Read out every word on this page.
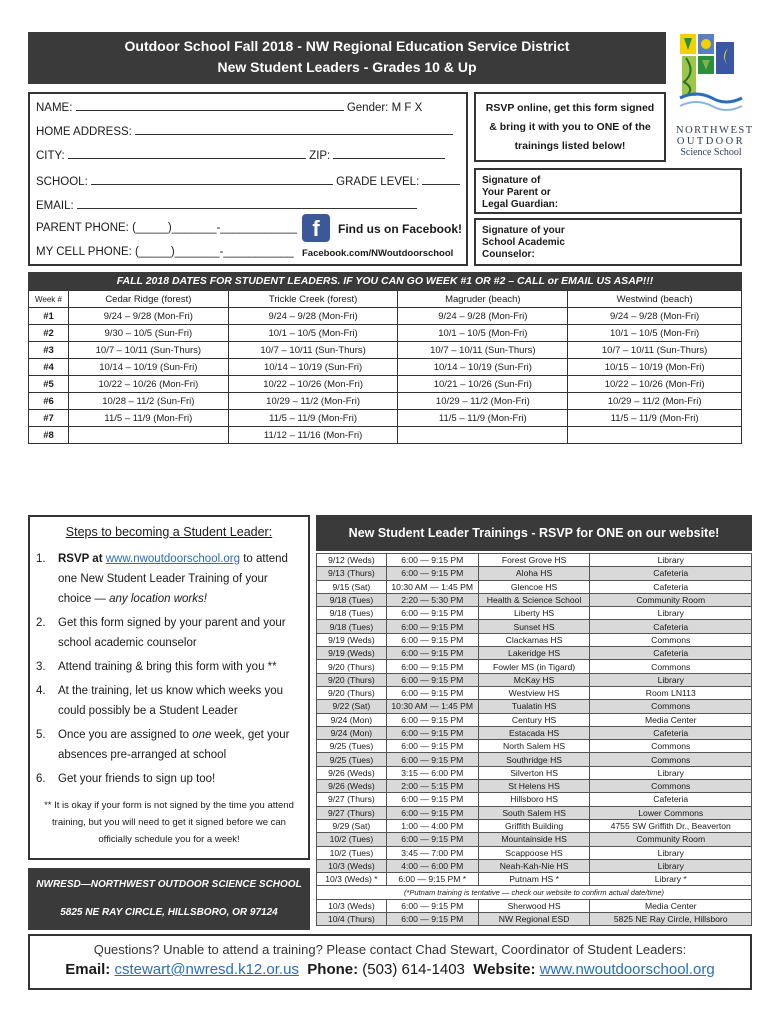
Outdoor School Fall 2018 - NW Regional Education Service District
New Student Leaders - Grades 10 & Up
NORTHWEST
OUTDOOR
Science School
NAME:	Gender: M F X
HOME ADDRESS:
CITY:	ZIP:
SCHOOL:	GRADE LEVEL:
EMAIL:
PARENT PHONE: (_____)_______-____________
MY CELL PHONE: (_____)_______-___________
f	Find us on Facebook!
Facebook.com/NWoutdoorschool
RSVP online, get this form signed
& bring it with you to ONE of the
trainings listed below!
Signature of
Your Parent or
Legal Guardian:
Signature of your
School Academic
Counselor:
FALL 2018 DATES FOR STUDENT LEADERS. IF YOU CAN GO WEEK #1 OR #2 – CALL or EMAIL US ASAP!!!
Week #	Cedar Ridge (forest)	Trickle Creek (forest)	Magruder (beach)	Westwind (beach)
#1	9/24 – 9/28 (Mon-Fri)	9/24 – 9/28 (Mon-Fri)	9/24 – 9/28 (Mon-Fri)	9/24 – 9/28 (Mon-Fri)
#2	9/30 – 10/5 (Sun-Fri)	10/1 – 10/5 (Mon-Fri)	10/1 – 10/5 (Mon-Fri)	10/1 – 10/5 (Mon-Fri)
#3	10/7 – 10/11 (Sun-Thurs)	10/7 – 10/11 (Sun-Thurs)	10/7 – 10/11 (Sun-Thurs)	10/7 – 10/11 (Sun-Thurs)
#4	10/14 – 10/19 (Sun-Fri)	10/14 – 10/19 (Sun-Fri)	10/14 – 10/19 (Sun-Fri)	10/15 – 10/19 (Mon-Fri)
#5	10/22 – 10/26 (Mon-Fri)	10/22 – 10/26 (Mon-Fri)	10/21 – 10/26 (Sun-Fri)	10/22 – 10/26 (Mon-Fri)
#6	10/28 – 11/2 (Sun-Fri)	10/29 – 11/2 (Mon-Fri)	10/29 – 11/2 (Mon-Fri)	10/29 – 11/2 (Mon-Fri)
#7	11/5 – 11/9 (Mon-Fri)	11/5 – 11/9 (Mon-Fri)	11/5 – 11/9 (Mon-Fri)	11/5 – 11/9 (Mon-Fri)
#8		11/12 – 11/16 (Mon-Fri)		
Steps to becoming a Student Leader:
1.	RSVP at www.nwoutdoorschool.org to attend one New Student Leader Training of your choice — any location works!
2.	Get this form signed by your parent and your school academic counselor
3.	Attend training & bring this form with you **
4.	At the training, let us know which weeks you could possibly be a Student Leader
5.	Once you are assigned to one week, get your absences pre-arranged at school
6.	Get your friends to sign up too!
** It is okay if your form is not signed by the time you attend training, but you will need to get it signed before we can officially schedule you for a week!
NWRESD—NORTHWEST OUTDOOR SCIENCE SCHOOL
5825 NE RAY CIRCLE, HILLSBORO, OR 97124
New Student Leader Trainings - RSVP for ONE on our website!
9/12 (Weds)	6:00 — 9:15 PM	Forest Grove HS	Library
9/13 (Thurs)	6:00 — 9:15 PM	Aloha HS	Cafeteria
9/15 (Sat)	10:30 AM — 1:45 PM	Glencoe HS	Cafeteria
9/18 (Tues)	2:20 — 5:30 PM	Health & Science School	Community Room
9/18 (Tues)	6:00 — 9:15 PM	Liberty HS	Library
9/18 (Tues)	6:00 — 9:15 PM	Sunset HS	Cafeteria
9/19 (Weds)	6:00 — 9:15 PM	Clackamas HS	Commons
9/19 (Weds)	6:00 — 9:15 PM	Lakeridge HS	Cafeteria
9/20 (Thurs)	6:00 — 9:15 PM	Fowler MS (in Tigard)	Commons
9/20 (Thurs)	6:00 — 9:15 PM	McKay HS	Library
9/20 (Thurs)	6:00 — 9:15 PM	Westview HS	Room LN113
9/22 (Sat)	10:30 AM — 1:45 PM	Tualatin HS	Commons
9/24 (Mon)	6:00 — 9:15 PM	Century HS	Media Center
9/24 (Mon)	6:00 — 9:15 PM	Estacada HS	Cafeteria
9/25 (Tues)	6:00 — 9:15 PM	North Salem HS	Commons
9/25 (Tues)	6:00 — 9:15 PM	Southridge HS	Commons
9/26 (Weds)	3:15 — 6:00 PM	Silverton HS	Library
9/26 (Weds)	2:00 — 5:15 PM	St Helens HS	Commons
9/27 (Thurs)	6:00 — 9:15 PM	Hillsboro HS	Cafeteria
9/27 (Thurs)	6:00 — 9:15 PM	South Salem HS	Lower Commons
9/29 (Sat)	1:00 — 4:00 PM	Griffith Building	4755 SW Griffith Dr., Beaverton
10/2 (Tues)	6:00 — 9:15 PM	Mountainside HS	Community Room
10/2 (Tues)	3:45 — 7:00 PM	Scappoose HS	Library
10/3 (Weds)	4:00 — 6:00 PM	Neah-Kah-Nie HS	Library
10/3 (Weds) *	6:00 — 9:15 PM *	Putnam HS *	Library *
(*Putnam training is tentative — check our website to confirm actual date/time)			
10/3 (Weds)	6:00 — 9:15 PM	Sherwood HS	Media Center
10/4 (Thurs)	6:00 — 9:15 PM	NW Regional ESD	5825 NE Ray Circle, Hillsboro
Questions? Unable to attend a training? Please contact Chad Stewart, Coordinator of Student Leaders:
Email: cstewart@nwresd.k12.or.us Phone: (503) 614-1403 Website: www.nwoutdoorschool.org
